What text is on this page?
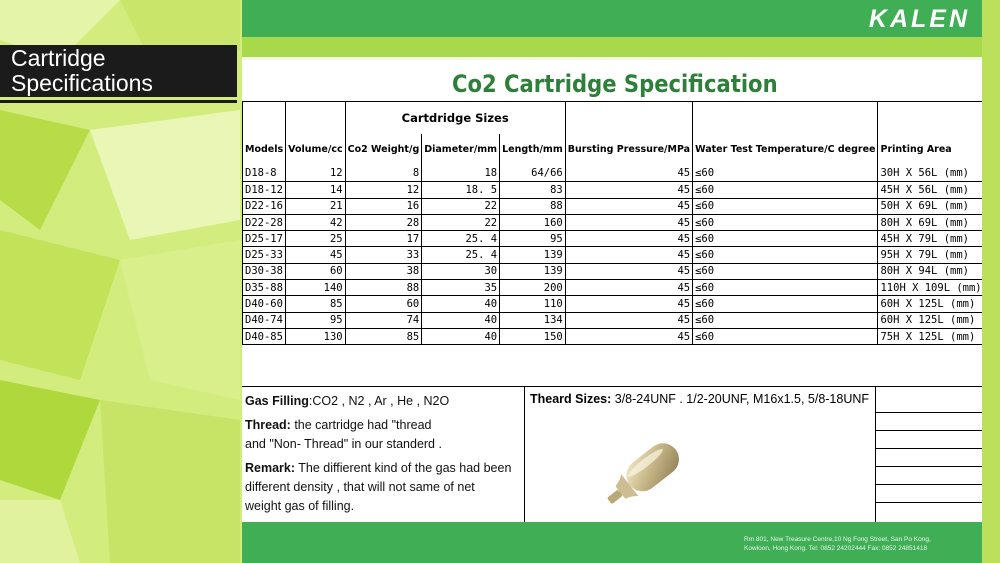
Cartridge
Specifications
KALEN
Co2 Cartridge Specification
		Cartdridge Sizes					
Models	Volume/cc	Co2 Weight/g	Diameter/mm	Length/mm	Bursting Pressure/MPa	Water Test Temperature/C degree	Printing Area
D18-8	12	8	18	64/66	45	≤60	30H X 56L (mm)
D18-12	14	12	18. 5	83	45	≤60	45H X 56L (mm)
D22-16	21	16	22	88	45	≤60	50H X 69L (mm)
D22-28	42	28	22	160	45	≤60	80H X 69L (mm)
D25-17	25	17	25. 4	95	45	≤60	45H X 79L (mm)
D25-33	45	33	25. 4	139	45	≤60	95H X 79L (mm)
D30-38	60	38	30	139	45	≤60	80H X 94L (mm)
D35-88	140	88	35	200	45	≤60	110H X 109L (mm)
D40-60	85	60	40	110	45	≤60	60H X 125L (mm)
D40-74	95	74	40	134	45	≤60	60H X 125L (mm)
D40-85	130	85	40	150	45	≤60	75H X 125L (mm)

Gas Filling:CO2 , N2 , Ar , He , N2O

Thread: the cartridge had "thread

and "Non- Thread" in our standerd .

Remark: The diffierent kind of the gas had been

different density , that will not same of net

weight gas of filling.

Theard Sizes: 3/8-24UNF . 1/2-20UNF, M16x1.5, 5/8-18UNF
Rm 801, New Treasure Centre,10 Ng Fong Street, San Po Kong,
Kowloon, Hong Kong. Tel: 0852 24202444 Fax: 0852 24851418
